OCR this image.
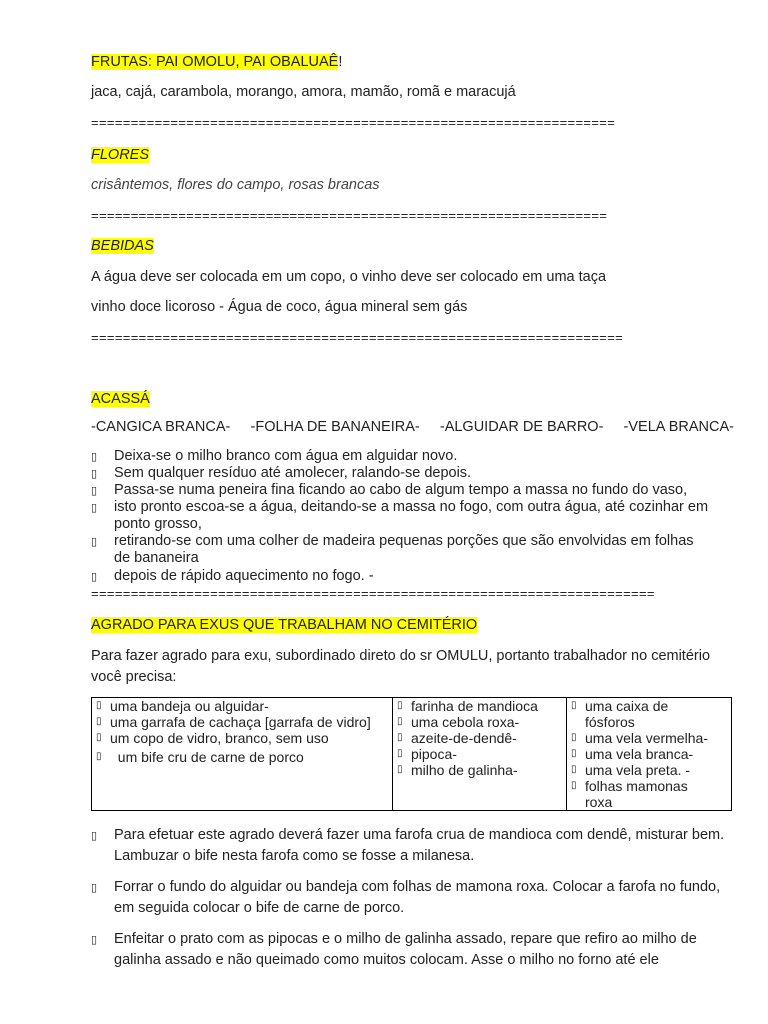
FRUTAS: PAI OMOLU, PAI OBALUAÊ!
jaca, cajá, carambola, morango, amora, mamão, romã e maracujá
==================================================================
FLORES
crisântemos, flores do campo, rosas brancas
=================================================================
BEBIDAS
A água deve ser colocada em um copo, o vinho deve ser colocado em uma taça
vinho doce licoroso - Água de coco, água mineral sem gás
===================================================================
ACASSÁ
-CANGICA BRANCA-     -FOLHA DE BANANEIRA-     -ALGUIDAR DE BARRO-     -VELA BRANCA-
▯ Deixa-se o milho branco com água em alguidar novo.
▯ Sem qualquer resíduo até amolecer, ralando-se depois.
▯ Passa-se numa peneira fina ficando ao cabo de algum tempo a massa no fundo do vaso,
▯ isto pronto escoa-se a água, deitando-se a massa no fogo, com outra água, até cozinhar em ponto grosso,
▯ retirando-se com uma colher de madeira pequenas porções que são envolvidas em folhas de bananeira
▯ depois de rápido aquecimento no fogo. -
=======================================================================
AGRADO PARA EXUS QUE TRABALHAM NO CEMITÉRIO
Para fazer agrado para exu, subordinado direto do sr OMULU, portanto trabalhador no cemitério você precisa:
▯ uma bandeja ou alguidar-
▯ uma garrafa de cachaça [garrafa de vidro]
▯ um copo de vidro, branco, sem uso
▯ um bife cru de carne de porco

▯ farinha de mandioca
▯ uma cebola roxa-
▯ azeite-de-dendê-
▯ pipoca-
▯ milho de galinha-

▯ uma caixa de fósforos
▯ uma vela vermelha-
▯ uma vela branca-
▯ uma vela preta. -
▯ folhas mamonas roxa
▯ Para efetuar este agrado deverá fazer uma farofa crua de mandioca com dendê, misturar bem. Lambuzar o bife nesta farofa como se fosse a milanesa.
▯ Forrar o fundo do alguidar ou bandeja com folhas de mamona roxa. Colocar a farofa no fundo, em seguida colocar o bife de carne de porco.
▯ Enfeitar o prato com as pipocas e o milho de galinha assado, repare que refiro ao milho de galinha assado e não queimado como muitos colocam. Asse o milho no forno até ele
